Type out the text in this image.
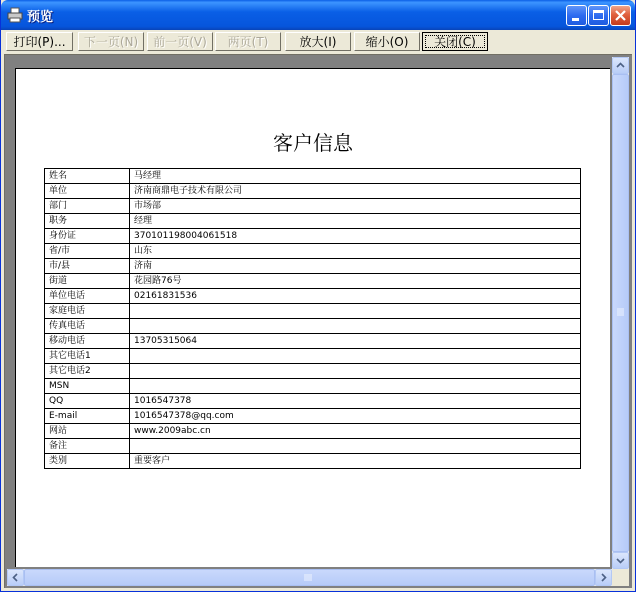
预览
打印(P)...	下一页(N)	前一页(V)	两页(T)	放大(I)	缩小(O)	关闭(C)
客户信息
姓名	马经理
单位	济南商鼎电子技术有限公司
部门	市场部
职务	经理
身份证	370101198004061518
省/市	山东
市/县	济南
街道	花园路76号
单位电话	02161831536
家庭电话	
传真电话	
移动电话	13705315064
其它电话1	
其它电话2	
MSN	
QQ	1016547378
E-mail	1016547378@qq.com
网站	www.2009abc.cn
备注	
类别	重要客户
